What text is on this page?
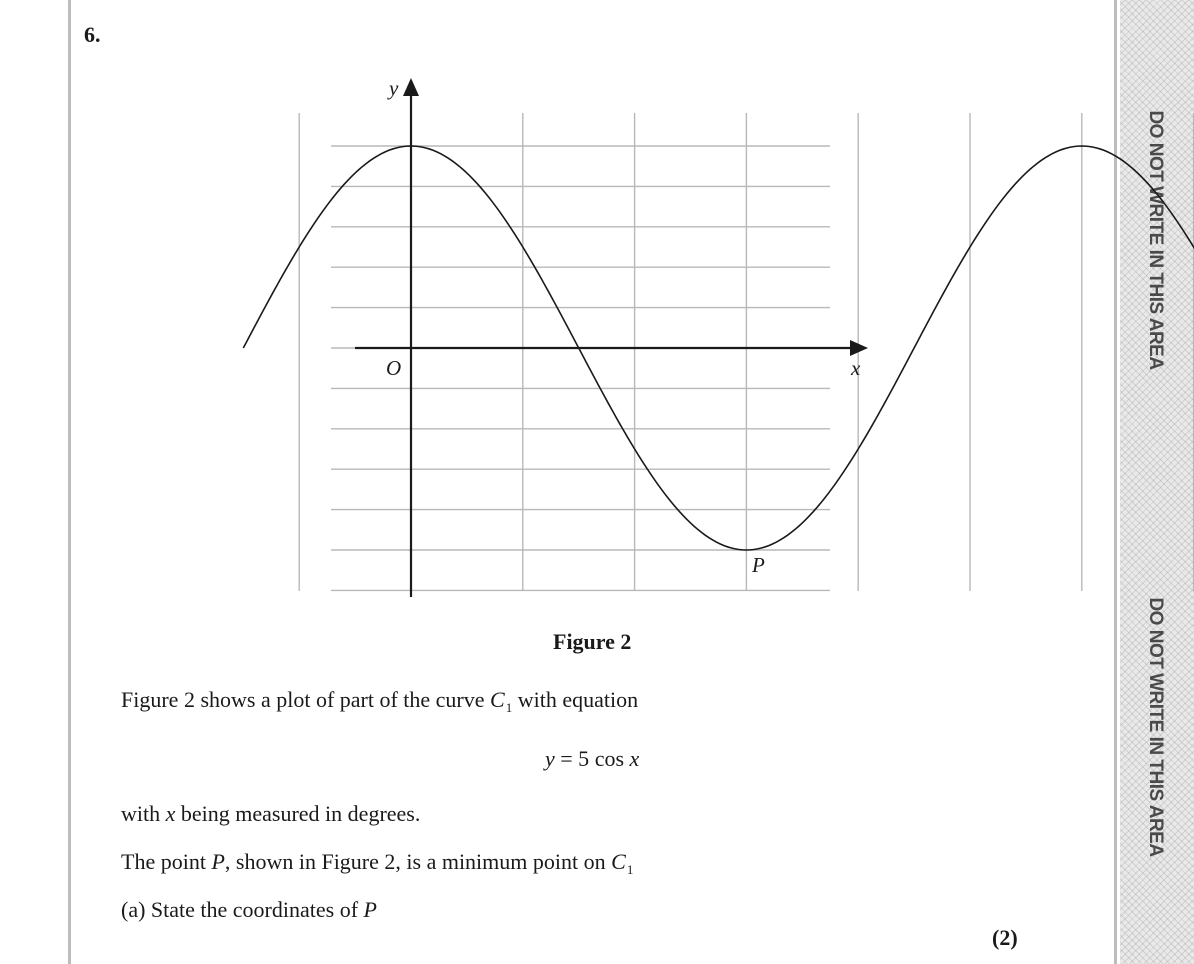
DO NOT WRITE IN THIS AREA
DO NOT WRITE IN THIS AREA
6.
y
x
O
P
Figure 2
Figure 2 shows a plot of part of the curve $C_1$ with equation
y = 5 cos x
with x being measured in degrees.
The point P, shown in Figure 2, is a minimum point on $C_1$
(a) State the coordinates of P
(2)
